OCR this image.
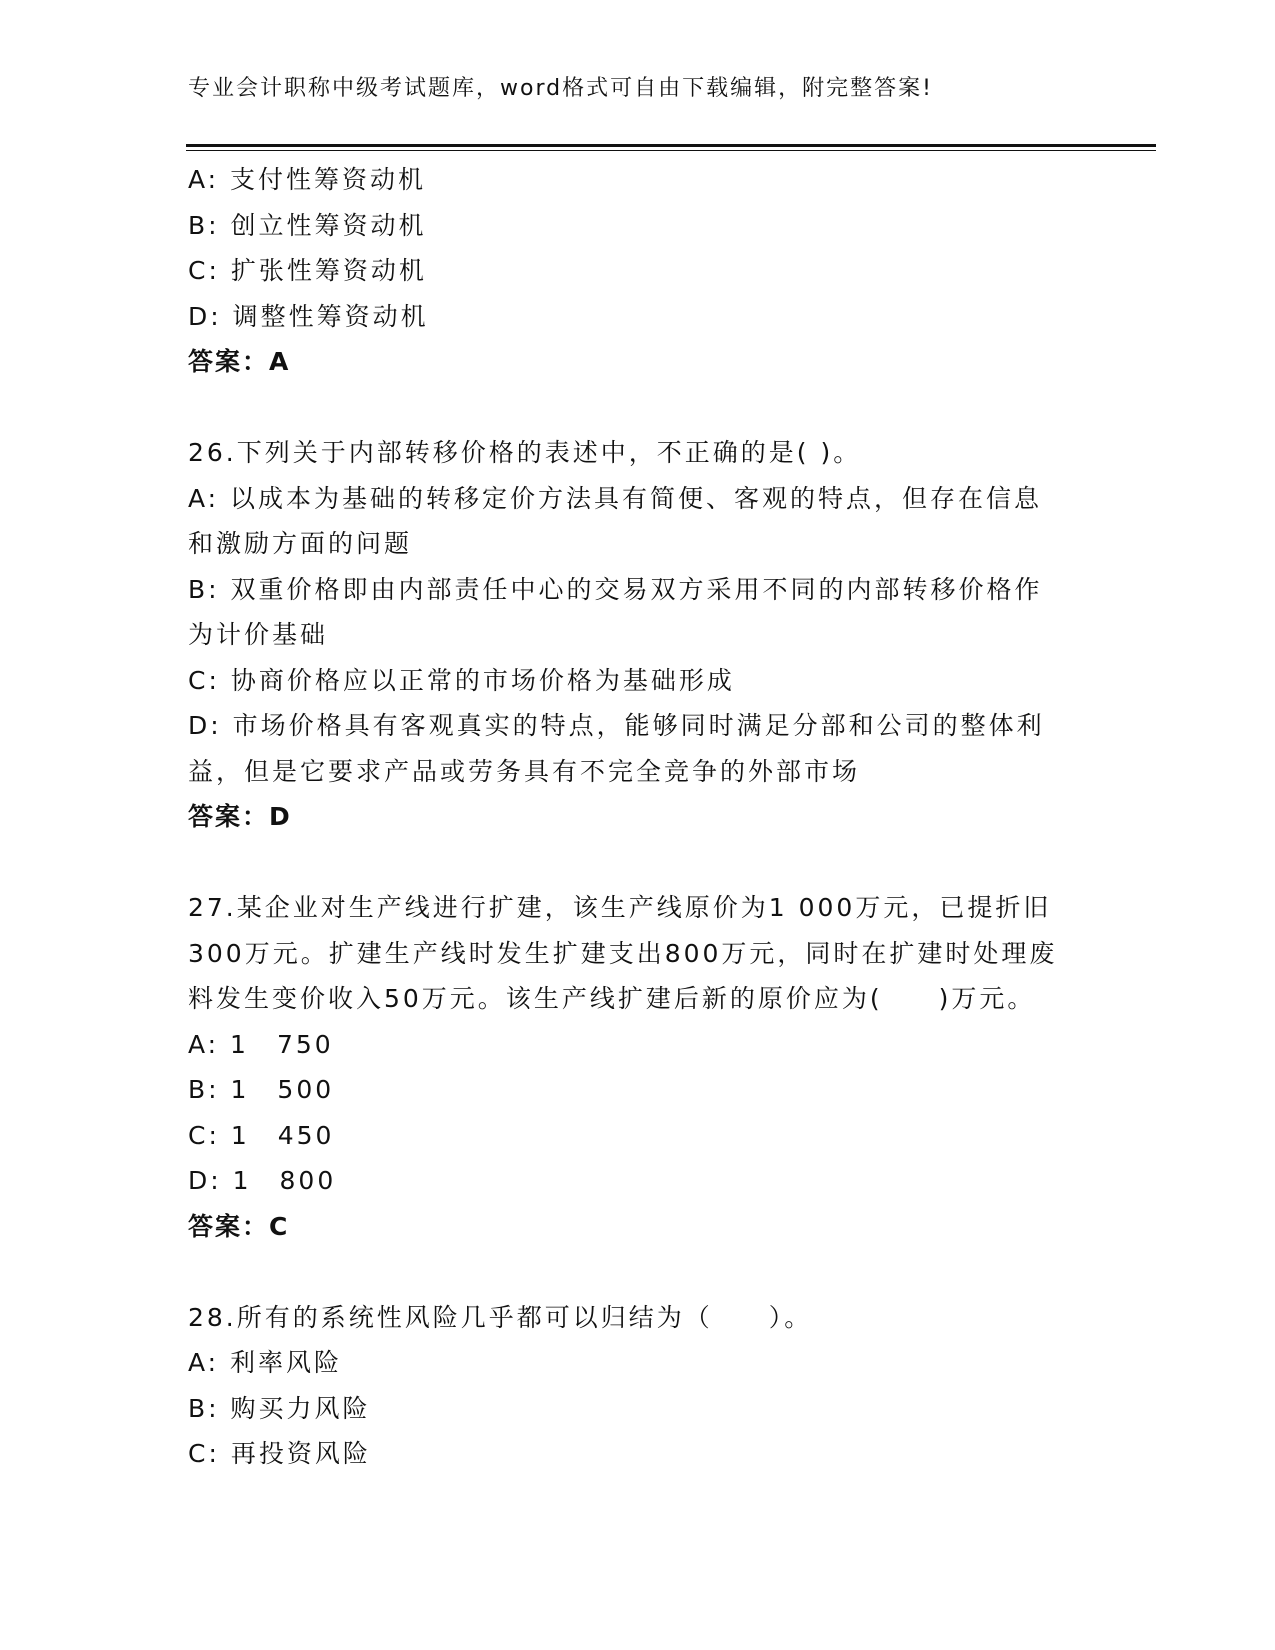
专业会计职称中级考试题库，word格式可自由下载编辑，附完整答案!
A: 支付性筹资动机
B: 创立性筹资动机
C: 扩张性筹资动机
D: 调整性筹资动机
答案：A
26.下列关于内部转移价格的表述中，不正确的是( )。
A: 以成本为基础的转移定价方法具有简便、客观的特点，但存在信息
和激励方面的问题
B: 双重价格即由内部责任中心的交易双方采用不同的内部转移价格作
为计价基础
C: 协商价格应以正常的市场价格为基础形成
D: 市场价格具有客观真实的特点，能够同时满足分部和公司的整体利
益，但是它要求产品或劳务具有不完全竞争的外部市场
答案：D
27.某企业对生产线进行扩建，该生产线原价为1 000万元，已提折旧
300万元。扩建生产线时发生扩建支出800万元，同时在扩建时处理废
料发生变价收入50万元。该生产线扩建后新的原价应为(　　)万元。
A: 1　750
B: 1　500
C: 1　450
D: 1　800
答案：C
28.所有的系统性风险几乎都可以归结为（　　）。
A: 利率风险
B: 购买力风险
C: 再投资风险
